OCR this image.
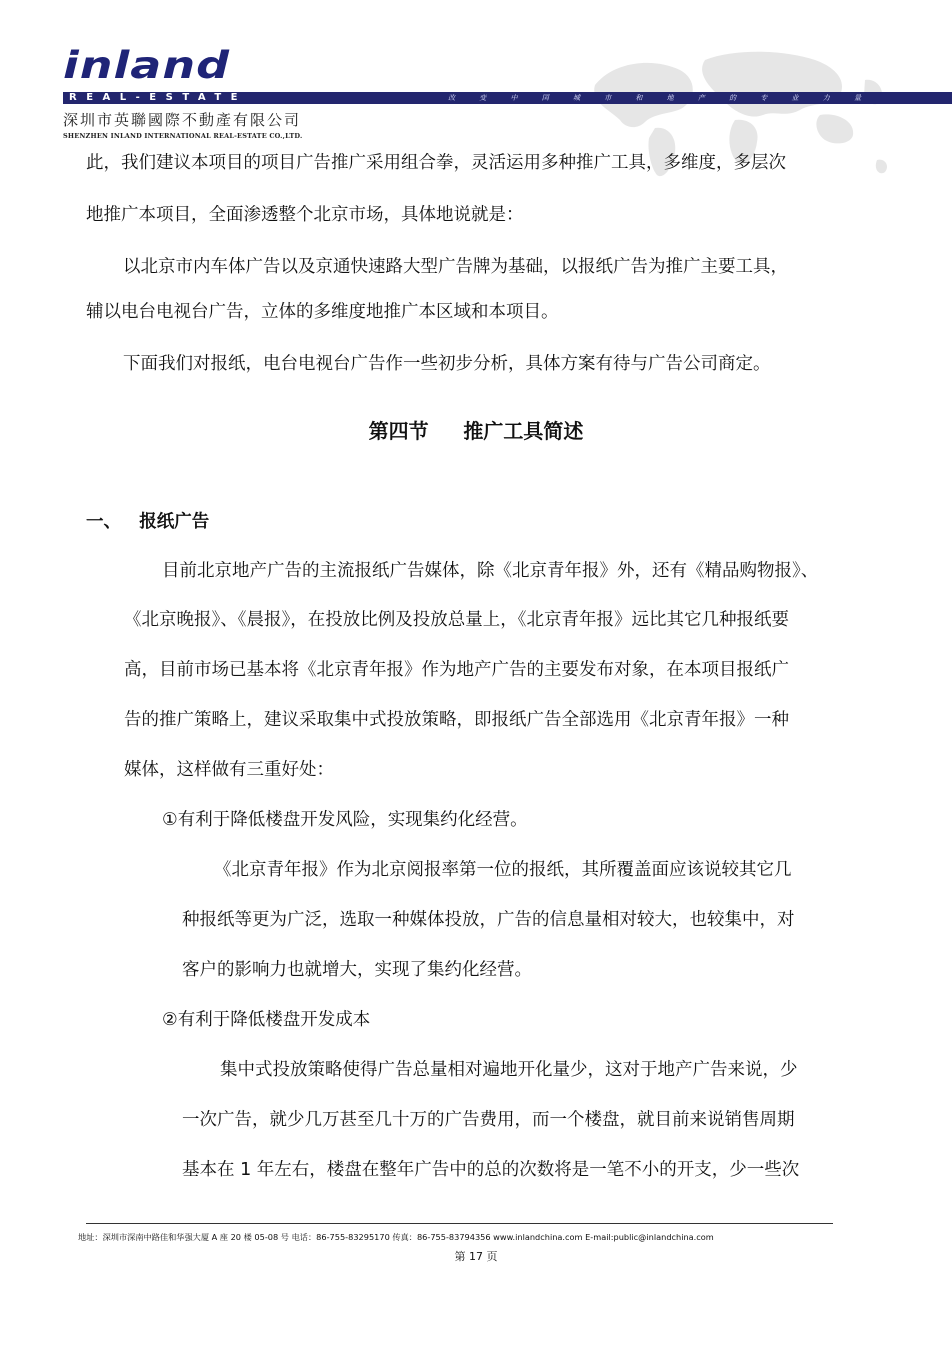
inland
REAL-ESTATE	改 变 中 国 城 市 和 地 产 的 专 业 力 量
深圳市英聯國際不動產有限公司
SHENZHEN INLAND INTERNATIONAL REAL-ESTATE CO.,LTD.

此，我们建议本项目的项目广告推广采用组合拳，灵活运用多种推广工具，多维度，多层次

地推广本项目，全面渗透整个北京市场，具体地说就是：

以北京市内车体广告以及京通快速路大型广告牌为基础，以报纸广告为推广主要工具，

辅以电台电视台广告，立体的多维度地推广本区域和本项目。

下面我们对报纸，电台电视台广告作一些初步分析，具体方案有待与广告公司商定。

第四节     推广工具简述
一、   报纸广告

目前北京地产广告的主流报纸广告媒体，除《北京青年报》外，还有《精品购物报》、

《北京晚报》、《晨报》，在投放比例及投放总量上，《北京青年报》远比其它几种报纸要

高，目前市场已基本将《北京青年报》作为地产广告的主要发布对象，在本项目报纸广

告的推广策略上，建议采取集中式投放策略，即报纸广告全部选用《北京青年报》一种

媒体，这样做有三重好处：

①有利于降低楼盘开发风险，实现集约化经营。

《北京青年报》作为北京阅报率第一位的报纸，其所覆盖面应该说较其它几

种报纸等更为广泛，选取一种媒体投放，广告的信息量相对较大，也较集中，对

客户的影响力也就增大，实现了集约化经营。

②有利于降低楼盘开发成本

集中式投放策略使得广告总量相对遍地开化量少，这对于地产广告来说，少

一次广告，就少几万甚至几十万的广告费用，而一个楼盘，就目前来说销售周期

基本在 1 年左右，楼盘在整年广告中的总的次数将是一笔不小的开支，少一些次

地址：深圳市深南中路佳和华强大厦 A 座 20 楼 05-08 号 电话：86-755-83295170 传真：86-755-83794356 www.inlandchina.com E-mail:public@inlandchina.com

第 17 页
